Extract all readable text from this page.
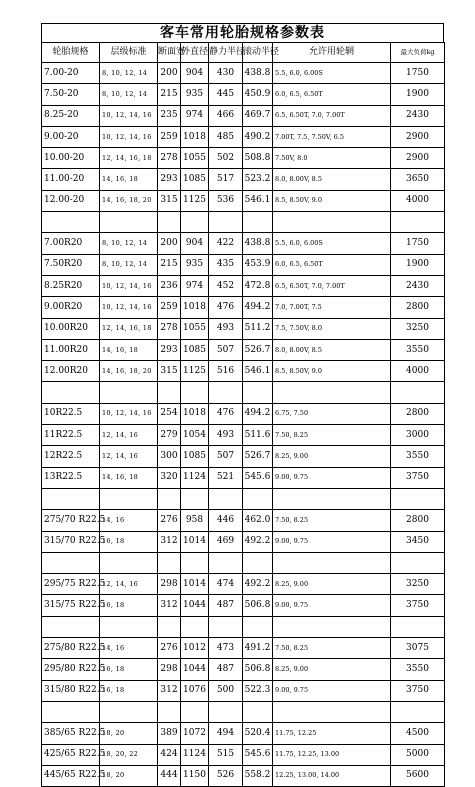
客车常用轮胎规格参数表
轮胎规格	层级标准	断面宽	外直径	静力半径	滚动半径	允许用轮辋	最大负荷kg
7.00-20	8, 10, 12, 14	200	904	430	438.8	5.5, 6.0, 6.00S	1750
7.50-20	8, 10, 12, 14	215	935	445	450.9	6.0, 6.5, 6.50T	1900
8.25-20	10, 12, 14, 16	235	974	466	469.7	6.5, 6.50T, 7.0, 7.00T	2430
9.00-20	10, 12, 14, 16	259	1018	485	490.2	7.00T, 7.5, 7.50V, 6.5	2900
10.00-20	12, 14, 16, 18	278	1055	502	508.8	7.50V, 8.0	2900
11.00-20	14, 16, 18	293	1085	517	523.2	8.0, 8.00V, 8.5	3650
12.00-20	14, 16, 18, 20	315	1125	536	546.1	8.5, 8.50V, 9.0	4000

7.00R20	8, 10, 12, 14	200	904	422	438.8	5.5, 6.0, 6.00S	1750
7.50R20	8, 10, 12, 14	215	935	435	453.9	6.0, 6.5, 6.50T	1900
8.25R20	10, 12, 14, 16	236	974	452	472.8	6.5, 6.50T, 7.0, 7.00T	2430
9.00R20	10, 12, 14, 16	259	1018	476	494.2	7.0, 7.00T, 7.5	2800
10.00R20	12, 14, 16, 18	278	1055	493	511.2	7.5, 7.50V, 8.0	3250
11.00R20	14, 16, 18	293	1085	507	526.7	8.0, 8.00V, 8.5	3550
12.00R20	14, 16, 18, 20	315	1125	516	546.1	8.5, 8.50V, 9.0	4000

10R22.5	10, 12, 14, 16	254	1018	476	494.2	6.75, 7.50	2800
11R22.5	12, 14, 16	279	1054	493	511.6	7.50, 8.25	3000
12R22.5	12, 14, 16	300	1085	507	526.7	8.25, 9.00	3550
13R22.5	14, 16, 18	320	1124	521	545.6	9.00, 9.75	3750

275/70 R22.5	14, 16	276	958	446	462.0	7.50, 8.25	2800
315/70 R22.5	16, 18	312	1014	469	492.2	9.00, 9.75	3450

295/75 R22.5	12, 14, 16	298	1014	474	492.2	8.25, 9.00	3250
315/75 R22.5	16, 18	312	1044	487	506.8	9.00, 9.75	3750

275/80 R22.5	14, 16	276	1012	473	491.2	7.50, 8.25	3075
295/80 R22.5	16, 18	298	1044	487	506.8	8.25, 9.00	3550
315/80 R22.5	16, 18	312	1076	500	522.3	9.00, 9.75	3750

385/65 R22.5	18, 20	389	1072	494	520.4	11.75, 12.25	4500
425/65 R22.5	18, 20, 22	424	1124	515	545.6	11.75, 12.25, 13.00	5000
445/65 R22.5	18, 20	444	1150	526	558.2	12.25, 13.00, 14.00	5600
